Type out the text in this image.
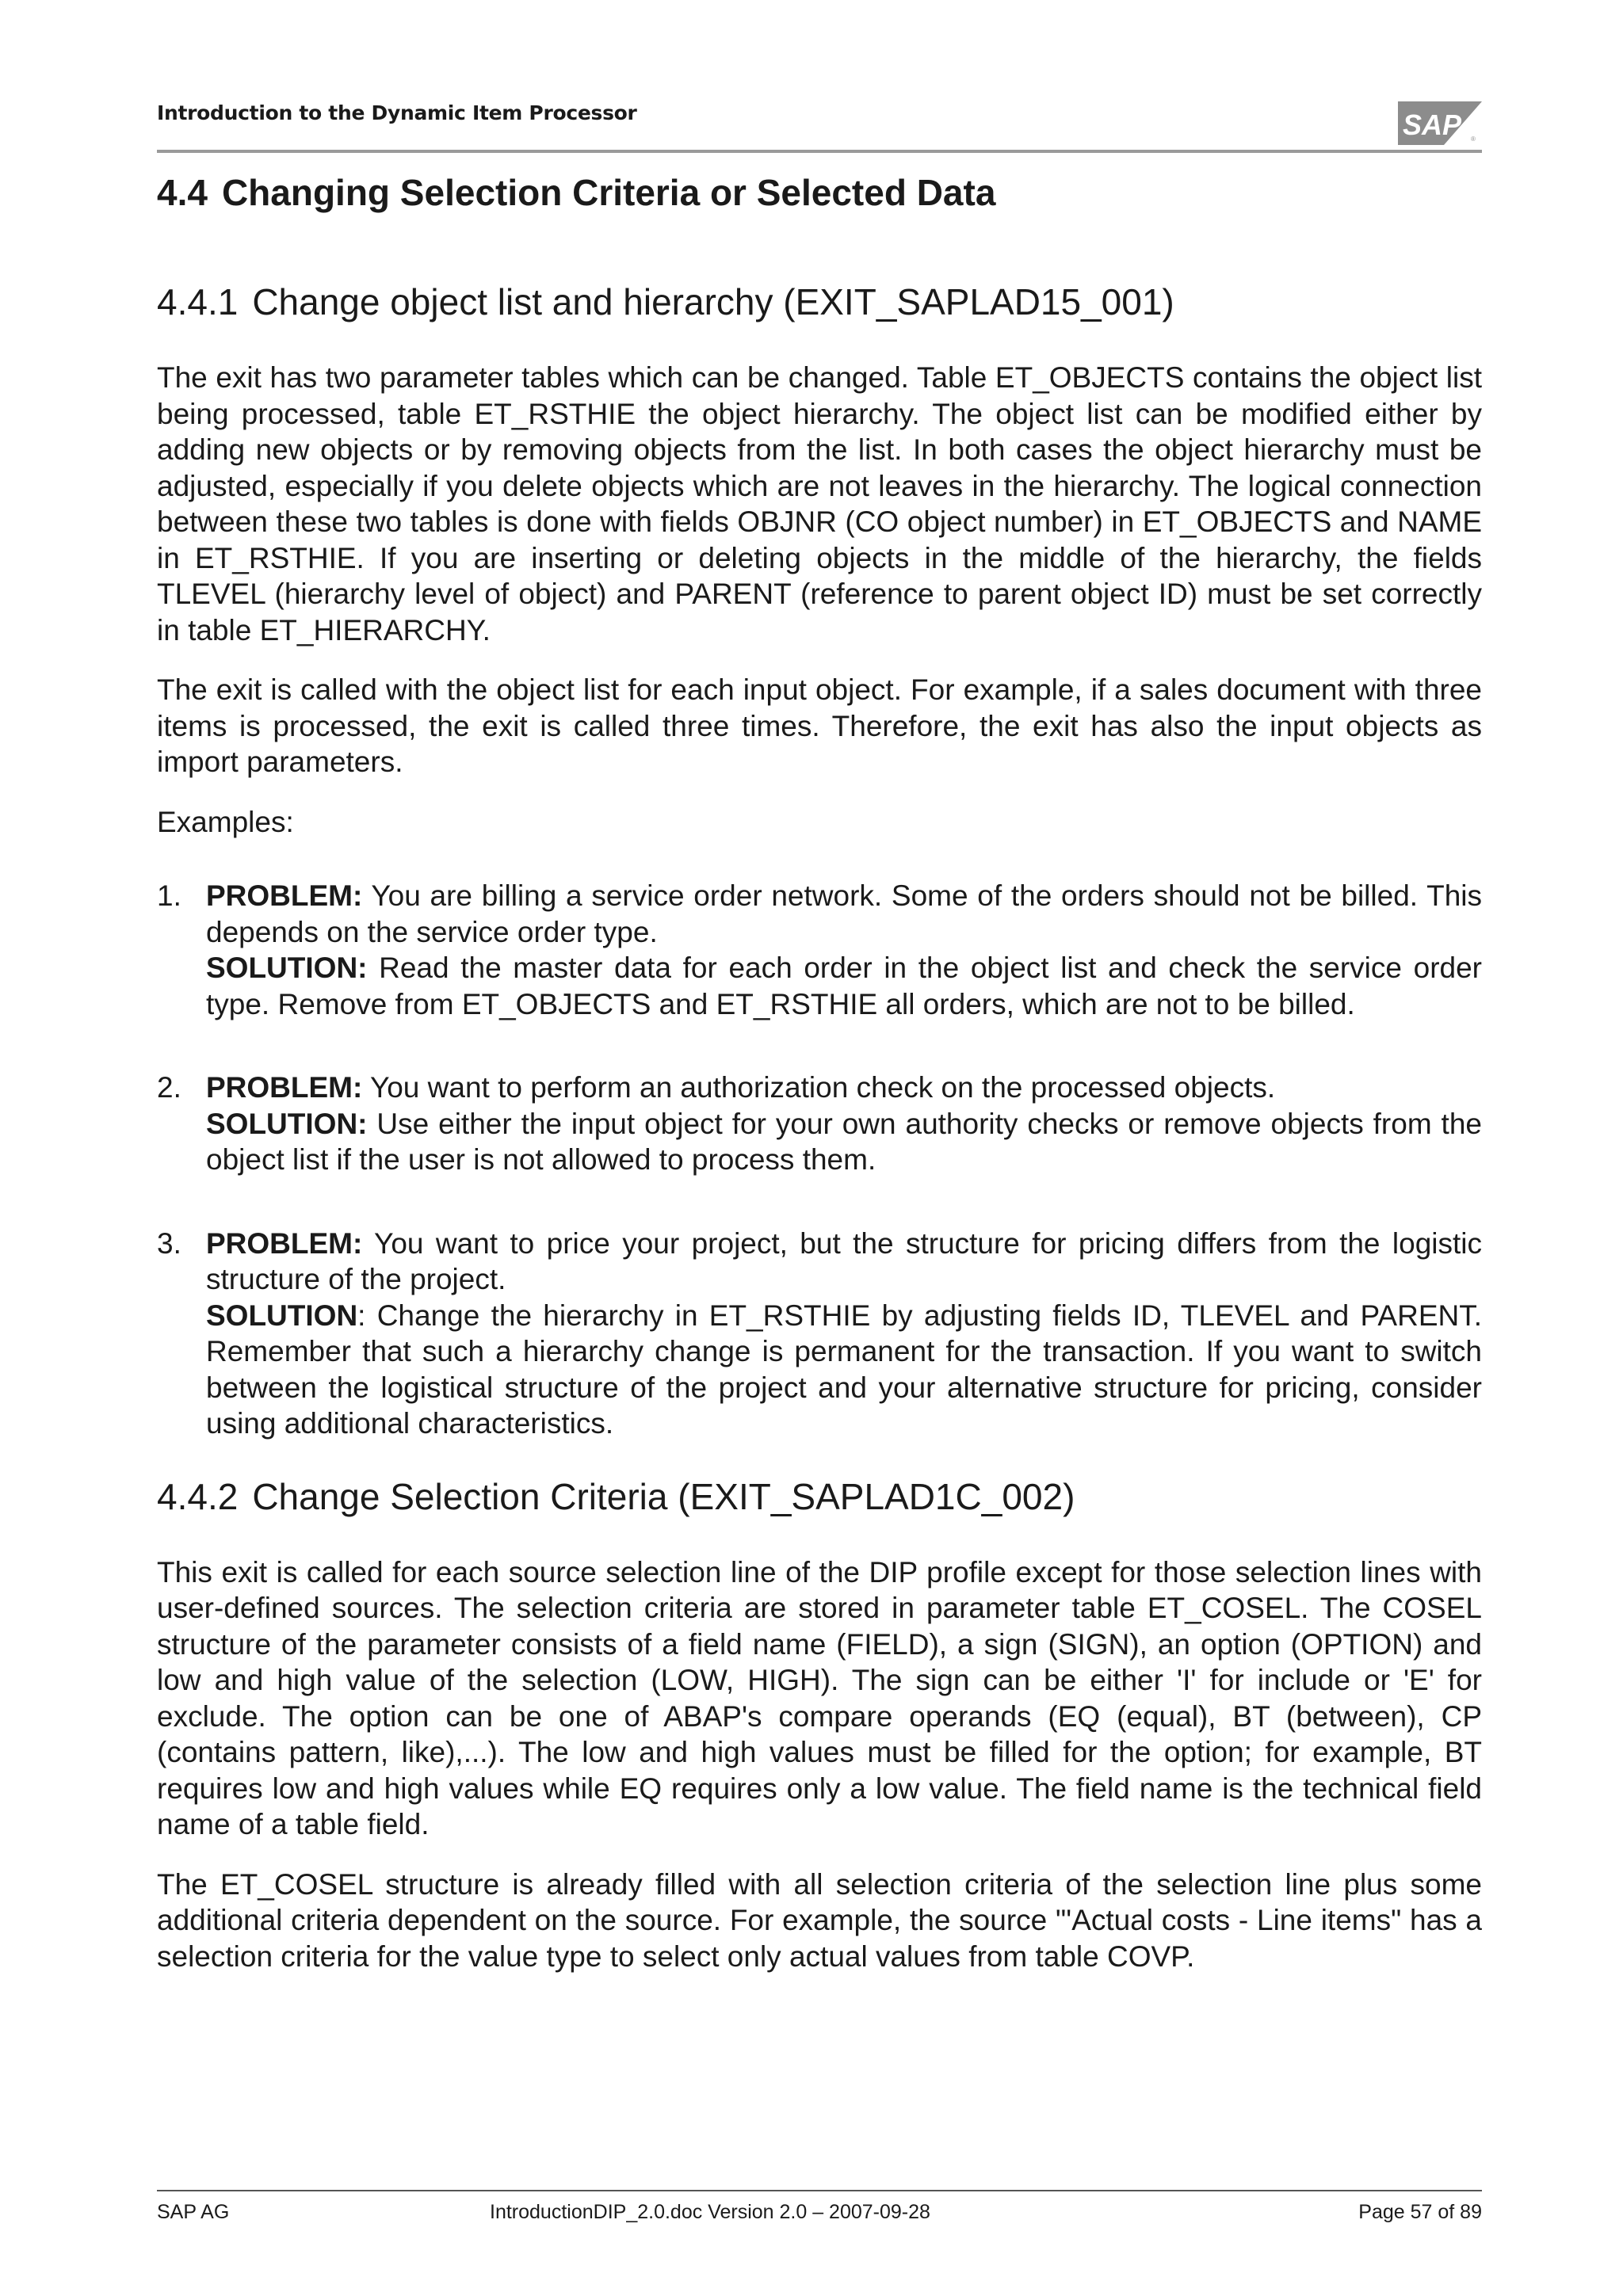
Introduction to the Dynamic Item Processor	SAP ®
4.4 Changing Selection Criteria or Selected Data
4.4.1 Change object list and hierarchy (EXIT_SAPLAD15_001)

The exit has two parameter tables which can be changed. Table ET_OBJECTS contains the object list being processed, table ET_RSTHIE the object hierarchy. The object list can be modified either by adding new objects or by removing objects from the list. In both cases the object hierarchy must be adjusted, especially if you delete objects which are not leaves in the hierarchy. The logical connection between these two tables is done with fields OBJNR (CO object number) in ET_OBJECTS and NAME in ET_RSTHIE. If you are inserting or deleting objects in the middle of the hierarchy, the fields TLEVEL (hierarchy level of object) and PARENT (reference to parent object ID) must be set correctly in table ET_HIERARCHY.

The exit is called with the object list for each input object. For example, if a sales document with three items is processed, the exit is called three times. Therefore, the exit has also the input objects as import parameters.

Examples:

1. PROBLEM: You are billing a service order network. Some of the orders should not be billed. This depends on the service order type.
SOLUTION: Read the master data for each order in the object list and check the service order type. Remove from ET_OBJECTS and ET_RSTHIE all orders, which are not to be billed.
2. PROBLEM: You want to perform an authorization check on the processed objects.
SOLUTION: Use either the input object for your own authority checks or remove objects from the object list if the user is not allowed to process them.
3. PROBLEM: You want to price your project, but the structure for pricing differs from the logistic structure of the project.
SOLUTION: Change the hierarchy in ET_RSTHIE by adjusting fields ID, TLEVEL and PARENT. Remember that such a hierarchy change is permanent for the transaction. If you want to switch between the logistical structure of the project and your alternative structure for pricing, consider using additional characteristics.
4.4.2 Change Selection Criteria (EXIT_SAPLAD1C_002)

This exit is called for each source selection line of the DIP profile except for those selection lines with user-defined sources. The selection criteria are stored in parameter table ET_COSEL. The COSEL structure of the parameter consists of a field name (FIELD), a sign (SIGN), an option (OPTION) and low and high value of the selection (LOW, HIGH). The sign can be either 'I' for include or 'E' for exclude. The option can be one of ABAP's compare operands (EQ (equal), BT (between), CP (contains pattern, like),...). The low and high values must be filled for the option; for example, BT requires low and high values while EQ requires only a low value. The field name is the technical field name of a table field.

The ET_COSEL structure is already filled with all selection criteria of the selection line plus some additional criteria dependent on the source. For example, the source "'Actual costs - Line items" has a selection criteria for the value type to select only actual values from table COVP.

SAP AG	IntroductionDIP_2.0.doc Version 2.0 – 2007-09-28	Page 57 of 89
